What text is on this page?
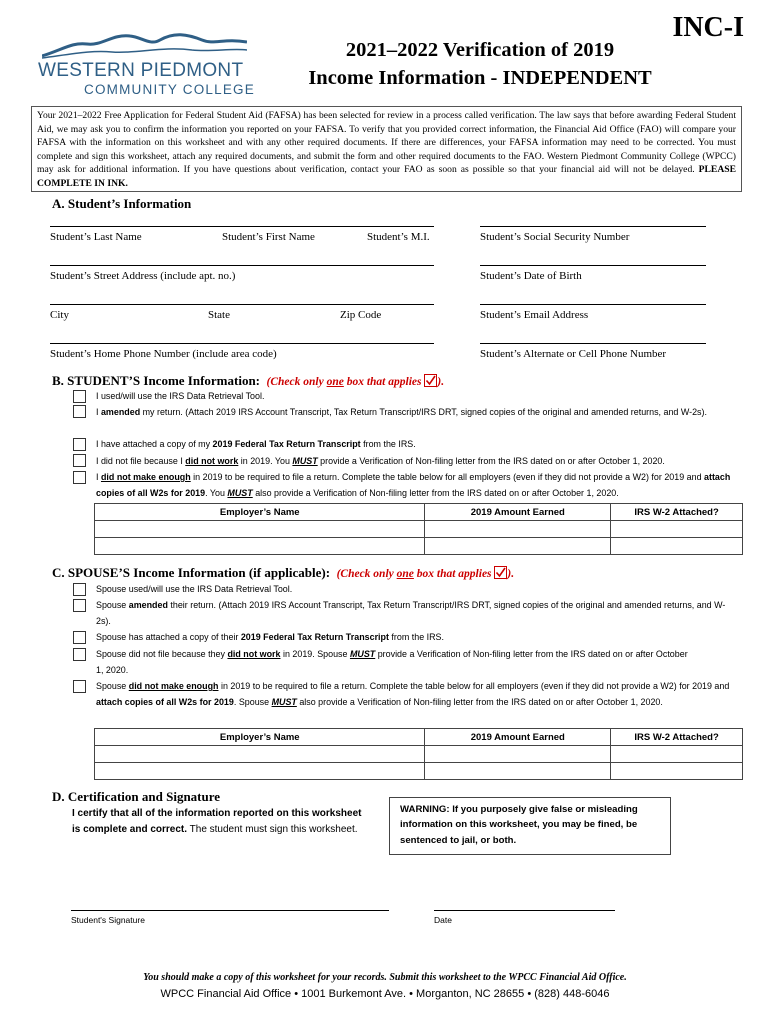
WESTERN PIEDMONT
COMMUNITY COLLEGE
2021–2022 Verification of 2019
Income Information - INDEPENDENT
INC-I
Your 2021–2022 Free Application for Federal Student Aid (FAFSA) has been selected for review in a process called verification. The law says that before awarding Federal Student Aid, we may ask you to confirm the information you reported on your FAFSA. To verify that you provided correct information, the Financial Aid Office (FAO) will compare your FAFSA with the information on this worksheet and with any other required documents. If there are differences, your FAFSA information may need to be corrected. You must complete and sign this worksheet, attach any required documents, and submit the form and other required documents to the FAO. Western Piedmont Community College (WPCC) may ask for additional information. If you have questions about verification, contact your FAO as soon as possible so that your financial aid will not be delayed. PLEASE COMPLETE IN INK.
A. Student’s Information
Student’s Last Name	Student’s First Name	Student’s M.I.	Student’s Social Security Number
Student’s Street Address (include apt. no.)	Student’s Date of Birth
City	State	Zip Code	Student’s Email Address
Student’s Home Phone Number (include area code)	Student’s Alternate or Cell Phone Number
B. STUDENT’S Income Information: (Check only one box that applies ).
I used/will use the IRS Data Retrieval Tool.
I amended my return. (Attach 2019 IRS Account Transcript, Tax Return Transcript/IRS DRT, signed copies of the original and amended returns, and W-2s).
I have attached a copy of my 2019 Federal Tax Return Transcript from the IRS.
I did not file because I did not work in 2019. You MUST provide a Verification of Non-filing letter from the IRS dated on or after October 1, 2020.
I did not make enough in 2019 to be required to file a return. Complete the table below for all employers (even if they did not provide a W2) for 2019 and attach copies of all W2s for 2019. You MUST also provide a Verification of Non-filing letter from the IRS dated on or after October 1, 2020.
Employer’s Name	2019 Amount Earned	IRS W-2 Attached?

C. SPOUSE’S Income Information (if applicable): (Check only one box that applies ).
Spouse used/will use the IRS Data Retrieval Tool.
Spouse amended their return. (Attach 2019 IRS Account Transcript, Tax Return Transcript/IRS DRT, signed copies of the original and amended returns, and W-2s).
Spouse has attached a copy of their 2019 Federal Tax Return Transcript from the IRS.
Spouse did not file because they did not work in 2019. Spouse MUST provide a Verification of Non-filing letter from the IRS dated on or after October 1, 2020.
Spouse did not make enough in 2019 to be required to file a return. Complete the table below for all employers (even if they did not provide a W2) for 2019 and attach copies of all W2s for 2019. Spouse MUST also provide a Verification of Non-filing letter from the IRS dated on or after October 1, 2020.
Employer’s Name	2019 Amount Earned	IRS W-2 Attached?

D. Certification and Signature
I certify that all of the information reported on this worksheet is complete and correct. The student must sign this worksheet.
WARNING: If you purposely give false or misleading information on this worksheet, you may be fined, be sentenced to jail, or both.
Student's Signature	Date
You should make a copy of this worksheet for your records. Submit this worksheet to the WPCC Financial Aid Office.
WPCC Financial Aid Office • 1001 Burkemont Ave. • Morganton, NC 28655 • (828) 448-6046
